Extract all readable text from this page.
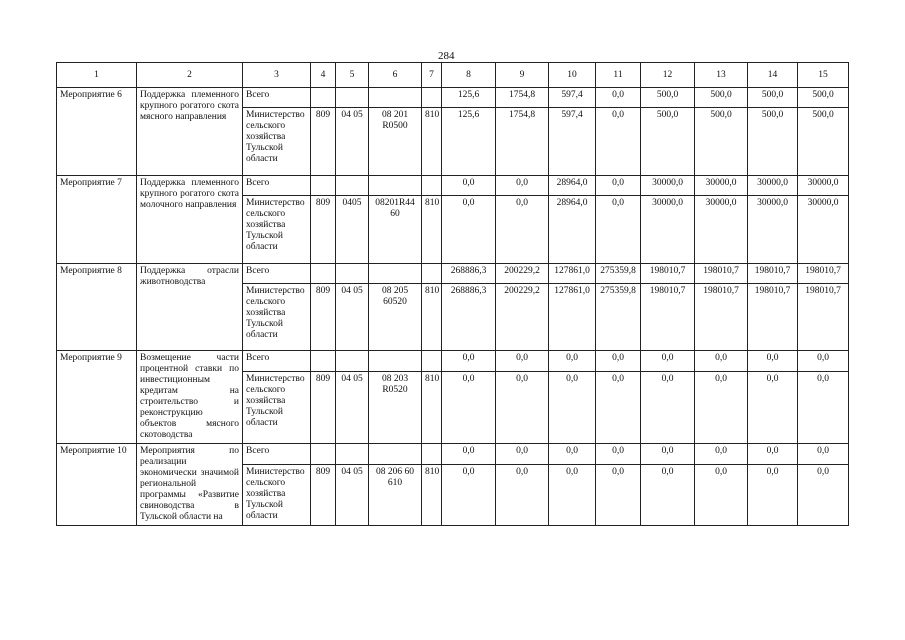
284
1	2	3	4	5	6	7	8	9	10	11	12	13	14	15
Мероприятие 6	Поддержка племенного крупного рогатого скота мясного направления	Всего					125,6	1754,8	597,4	0,0	500,0	500,0	500,0	500,0
		Министерство сельского хозяйства Тульской области	809	04 05	08 201 R0500	810	125,6	1754,8	597,4	0,0	500,0	500,0	500,0	500,0
Мероприятие 7	Поддержка племенного крупного рогатого скота молочного направления	Всего					0,0	0,0	28964,0	0,0	30000,0	30000,0	30000,0	30000,0
		Министерство сельского хозяйства Тульской области	809	0405	08201R44 60	810	0,0	0,0	28964,0	0,0	30000,0	30000,0	30000,0	30000,0
Мероприятие 8	Поддержка отрасли животноводства	Всего					268886,3	200229,2	127861,0	275359,8	198010,7	198010,7	198010,7	198010,7
		Министерство сельского хозяйства Тульской области	809	04 05	08 205 60520	810	268886,3	200229,2	127861,0	275359,8	198010,7	198010,7	198010,7	198010,7
Мероприятие 9	Возмещение части процентной ставки по инвестиционным кредитам на строительство и реконструкцию объектов мясного скотоводства	Всего					0,0	0,0	0,0	0,0	0,0	0,0	0,0	0,0
		Министерство сельского хозяйства Тульской области	809	04 05	08 203 R0520	810	0,0	0,0	0,0	0,0	0,0	0,0	0,0	0,0
Мероприятие 10	Мероприятия по реализации экономически значимой региональной программы «Развитие свиноводства в Тульской области на	Всего					0,0	0,0	0,0	0,0	0,0	0,0	0,0	0,0
		Министерство сельского хозяйства Тульской области	809	04 05	08 206 60 610	810	0,0	0,0	0,0	0,0	0,0	0,0	0,0	0,0
